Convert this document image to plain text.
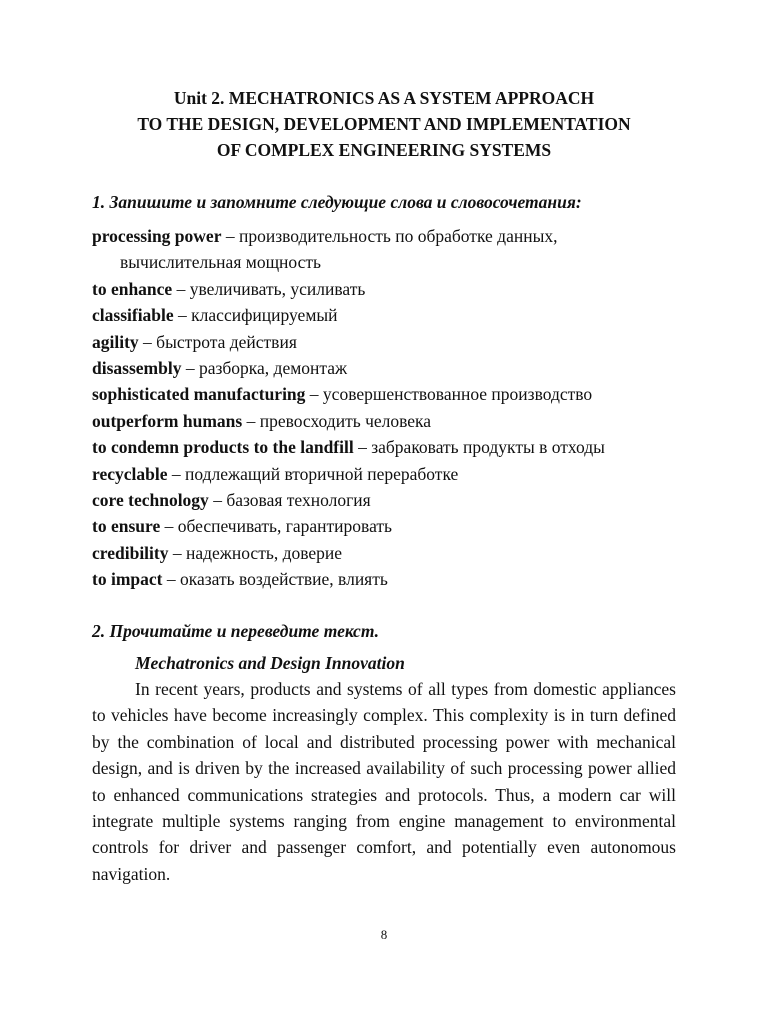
Unit 2. MECHATRONICS AS A SYSTEM APPROACH
TO THE DESIGN, DEVELOPMENT AND IMPLEMENTATION
OF COMPLEX ENGINEERING SYSTEMS

1. Запишите и запомните следующие слова и словосочетания:

processing power – производительность по обработке данных,
вычислительная мощность
to enhance – увеличивать, усиливать
classifiable – классифицируемый
agility – быстрота действия
disassembly – разборка, демонтаж
sophisticated manufacturing – усовершенствованное производство
outperform humans – превосходить человека
to condemn products to the landfill – забраковать продукты в отходы
recyclable – подлежащий вторичной переработке
core technology – базовая технология
to ensure – обеспечивать, гарантировать
credibility – надежность, доверие
to impact – оказать воздействие, влиять

2. Прочитайте и переведите текст.

Mechatronics and Design Innovation

In recent years, products and systems of all types from domestic appliances to vehicles have become increasingly complex. This complexity is in turn defined by the combination of local and distributed processing power with mechanical design, and is driven by the increased availability of such processing power allied to enhanced communications strategies and protocols. Thus, a modern car will integrate multiple systems ranging from engine management to environmental controls for driver and passenger comfort, and potentially even autonomous navigation.

8
